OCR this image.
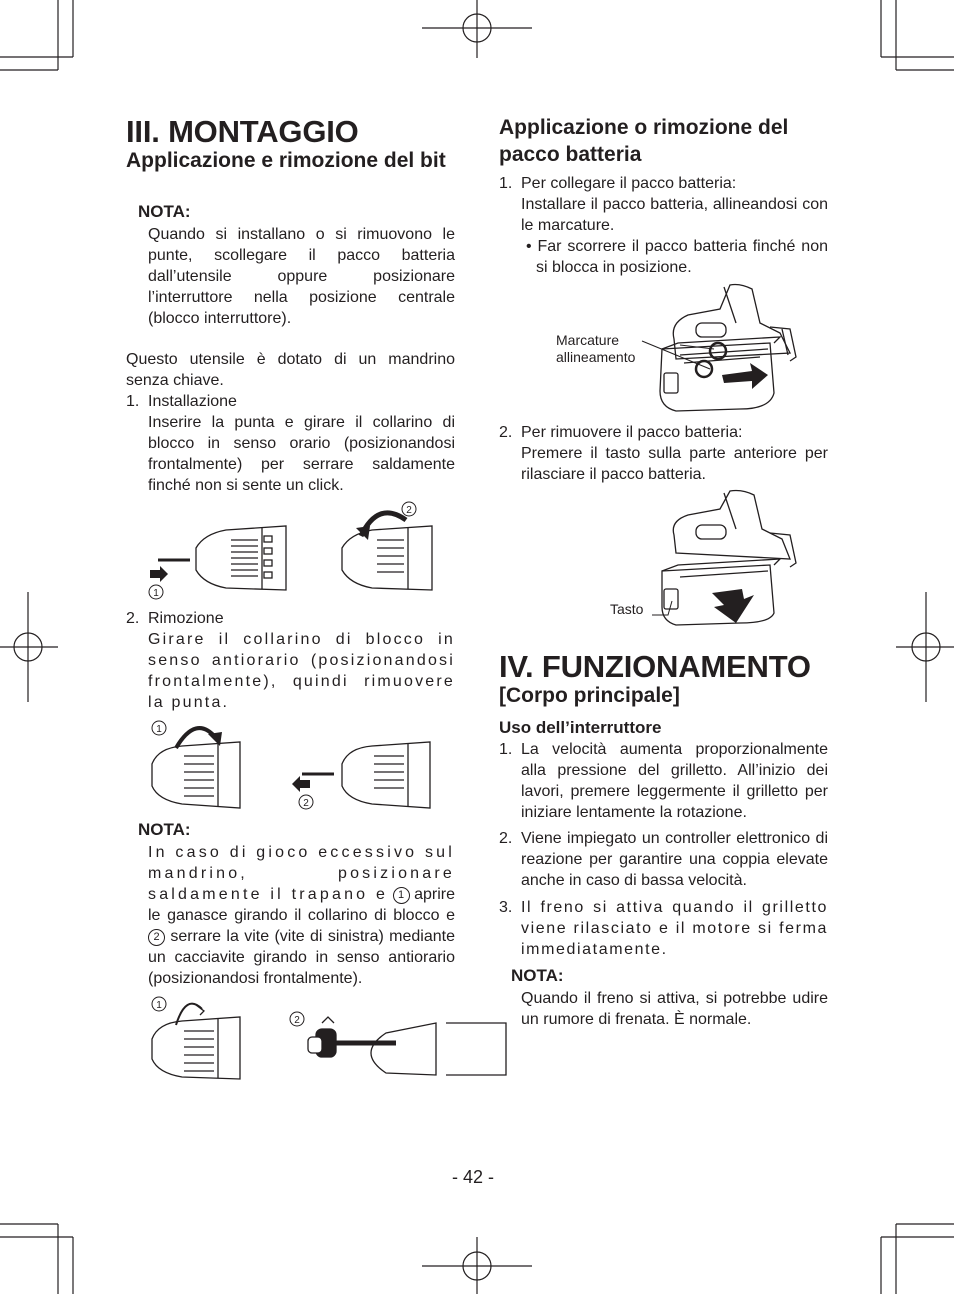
III. MONTAGGIO
Applicazione e rimozione del bit
NOTA:

Quando si installano o si rimuovono le punte, scollegare il pacco batteria dall’utensile oppure posizionare l’interruttore nella posizione centrale (blocco interruttore).

Questo utensile è dotato di un mandrino senza chiave.
1. Installazione
Inserire la punta e girare il collarino di blocco in senso orario (posizionandosi frontalmente) per serrare saldamente finché non si sente un click.
1
2
2. Rimozione
Girare il collarino di blocco in senso antiorario (posizionandosi frontalmente), quindi rimuovere la punta.
1
2
NOTA:

In caso di gioco eccessivo sul mandrino, posizionare saldamente il trapano e 1 aprire le ganasce girando il collarino di blocco e 2 serrare la vite (vite di sinistra) mediante un cacciavite girando in senso antiorario (posizionandosi frontalmente).

1
2
Applicazione o rimozione del pacco batteria
1. Per collegare il pacco batteria:
Installare il pacco batteria, allineandosi con le marcature.
• Far scorrere il pacco batteria finché non si blocca in posizione.
Marcature allineamento
2. Per rimuovere il pacco batteria:
Premere il tasto sulla parte anteriore per rilasciare il pacco batteria.
Tasto
IV. FUNZIONAMENTO
[Corpo principale]
Uso dell’interruttore
1. La velocità aumenta proporzionalmente alla pressione del grilletto. All’inizio dei lavori, premere leggermente il grilletto per iniziare lentamente la rotazione.
2. Viene impiegato un controller elettronico di reazione per garantire una coppia elevate anche in caso di bassa velocità.
3. Il freno si attiva quando il grilletto viene rilasciato e il motore si ferma immediatamente.
NOTA:
Quando il freno si attiva, si potrebbe udire un rumore di frenata. È normale.
- 42 -
